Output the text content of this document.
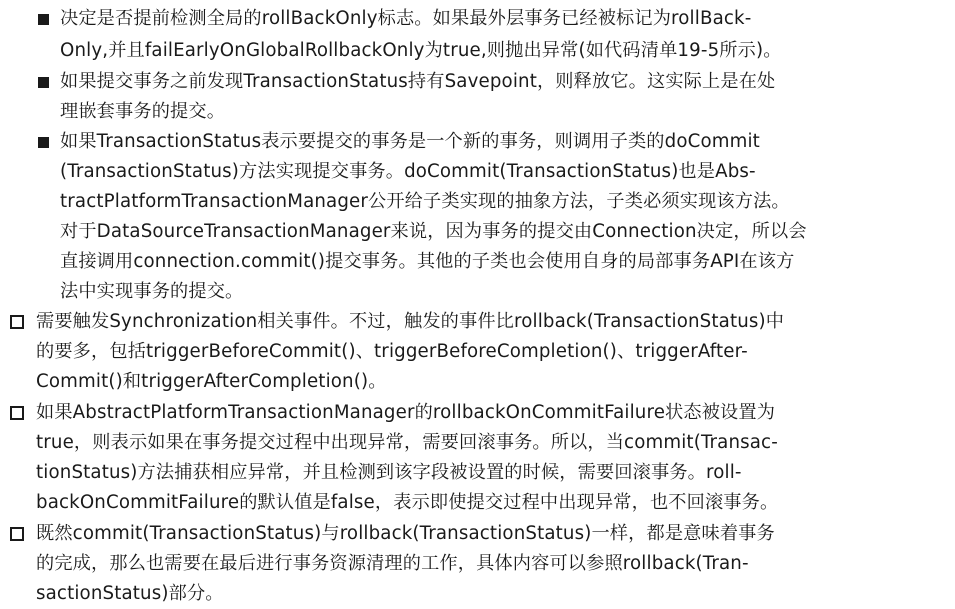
决定是否提前检测全局的rollBackOnly标志。如果最外层事务已经被标记为rollBack-
Only,并且failEarlyOnGlobalRollbackOnly为true,则抛出异常(如代码清单19-5所示)。
如果提交事务之前发现TransactionStatus持有Savepoint，则释放它。这实际上是在处
理嵌套事务的提交。
如果TransactionStatus表示要提交的事务是一个新的事务，则调用子类的doCommit
(TransactionStatus)方法实现提交事务。doCommit(TransactionStatus)也是Abs-
tractPlatformTransactionManager公开给子类实现的抽象方法，子类必须实现该方法。
对于DataSourceTransactionManager来说，因为事务的提交由Connection决定，所以会
直接调用connection.commit()提交事务。其他的子类也会使用自身的局部事务API在该方
法中实现事务的提交。
需要触发Synchronization相关事件。不过，触发的事件比rollback(TransactionStatus)中
的要多，包括triggerBeforeCommit()、triggerBeforeCompletion()、triggerAfter-
Commit()和triggerAfterCompletion()。
如果AbstractPlatformTransactionManager的rollbackOnCommitFailure状态被设置为
true，则表示如果在事务提交过程中出现异常，需要回滚事务。所以，当commit(Transac-
tionStatus)方法捕获相应异常，并且检测到该字段被设置的时候，需要回滚事务。roll-
backOnCommitFailure的默认值是false，表示即使提交过程中出现异常，也不回滚事务。
既然commit(TransactionStatus)与rollback(TransactionStatus)一样，都是意味着事务
的完成，那么也需要在最后进行事务资源清理的工作，具体内容可以参照rollback(Tran-
sactionStatus)部分。
